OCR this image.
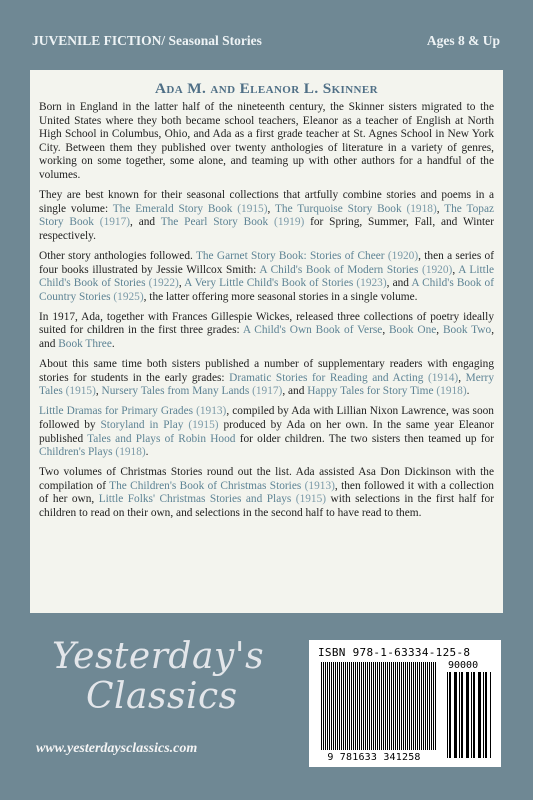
JUVENILE FICTION/ Seasonal Stories	Ages 8 & Up
Ada M. and Eleanor L. Skinner

Born in England in the latter half of the nineteenth century, the Skinner sisters migrated to the United States where they both became school teachers, Eleanor as a teacher of English at North High School in Columbus, Ohio, and Ada as a first grade teacher at St. Agnes School in New York City. Between them they published over twenty anthologies of literature in a variety of genres, working on some together, some alone, and teaming up with other authors for a handful of the volumes.

They are best known for their seasonal collections that artfully combine stories and poems in a single volume: The Emerald Story Book (1915), The Turquoise Story Book (1918), The Topaz Story Book (1917), and The Pearl Story Book (1919) for Spring, Summer, Fall, and Winter respectively.

Other story anthologies followed. The Garnet Story Book: Stories of Cheer (1920), then a series of four books illustrated by Jessie Willcox Smith: A Child's Book of Modern Stories (1920), A Little Child's Book of Stories (1922), A Very Little Child's Book of Stories (1923), and A Child's Book of Country Stories (1925), the latter offering more seasonal stories in a single volume.

In 1917, Ada, together with Frances Gillespie Wickes, released three collections of poetry ideally suited for children in the first three grades: A Child's Own Book of Verse, Book One, Book Two, and Book Three.

About this same time both sisters published a number of supplementary readers with engaging stories for students in the early grades: Dramatic Stories for Reading and Acting (1914), Merry Tales (1915), Nursery Tales from Many Lands (1917), and Happy Tales for Story Time (1918).

Little Dramas for Primary Grades (1913), compiled by Ada with Lillian Nixon Lawrence, was soon followed by Storyland in Play (1915) produced by Ada on her own. In the same year Eleanor published Tales and Plays of Robin Hood for older children. The two sisters then teamed up for Children's Plays (1918).

Two volumes of Christmas Stories round out the list. Ada assisted Asa Don Dickinson with the compilation of The Children's Book of Christmas Stories (1913), then followed it with a collection of her own, Little Folks' Christmas Stories and Plays (1915) with selections in the first half for children to read on their own, and selections in the second half to have read to them.

Yesterday's
Classics
www.yesterdaysclassics.com
ISBN 978-1-63334-125-8
90000
9 781633 341258
